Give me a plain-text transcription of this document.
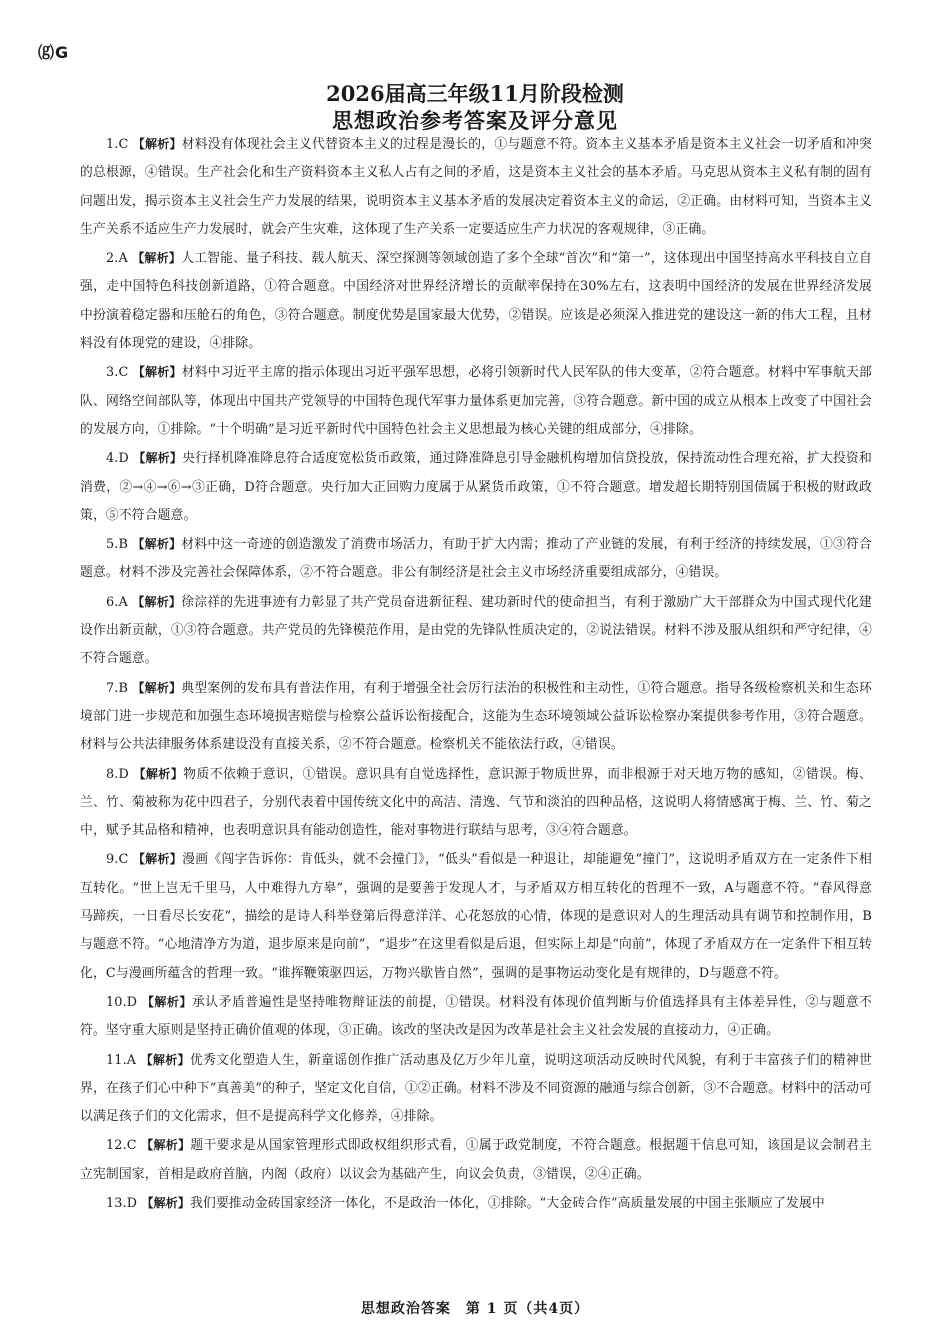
⒢G
2026届高三年级11月阶段检测
思想政治参考答案及评分意见

1.C 【解析】材料没有体现社会主义代替资本主义的过程是漫长的，①与题意不符。资本主义基本矛盾是资本主义社会一切矛盾和冲突的总根源，④错误。生产社会化和生产资料资本主义私人占有之间的矛盾，这是资本主义社会的基本矛盾。马克思从资本主义私有制的固有问题出发，揭示资本主义社会生产力发展的结果，说明资本主义基本矛盾的发展决定着资本主义的命运，②正确。由材料可知，当资本主义生产关系不适应生产力发展时，就会产生灾难，这体现了生产关系一定要适应生产力状况的客观规律，③正确。

2.A 【解析】人工智能、量子科技、载人航天、深空探测等领域创造了多个全球“首次”和“第一”，这体现出中国坚持高水平科技自立自强，走中国特色科技创新道路，①符合题意。中国经济对世界经济增长的贡献率保持在30%左右，这表明中国经济的发展在世界经济发展中扮演着稳定器和压舱石的角色，③符合题意。制度优势是国家最大优势，②错误。应该是必须深入推进党的建设这一新的伟大工程，且材料没有体现党的建设，④排除。

3.C 【解析】材料中习近平主席的指示体现出习近平强军思想，必将引领新时代人民军队的伟大变革，②符合题意。材料中军事航天部队、网络空间部队等，体现出中国共产党领导的中国特色现代军事力量体系更加完善，③符合题意。新中国的成立从根本上改变了中国社会的发展方向，①排除。“十个明确”是习近平新时代中国特色社会主义思想最为核心关键的组成部分，④排除。

4.D 【解析】央行择机降准降息符合适度宽松货币政策，通过降准降息引导金融机构增加信贷投放，保持流动性合理充裕，扩大投资和消费，②→④→⑥→③正确，D符合题意。央行加大正回购力度属于从紧货币政策，①不符合题意。增发超长期特别国债属于积极的财政政策，⑤不符合题意。

5.B 【解析】材料中这一奇迹的创造激发了消费市场活力，有助于扩大内需；推动了产业链的发展，有利于经济的持续发展，①③符合题意。材料不涉及完善社会保障体系，②不符合题意。非公有制经济是社会主义市场经济重要组成部分，④错误。

6.A 【解析】徐淙祥的先进事迹有力彰显了共产党员奋进新征程、建功新时代的使命担当，有利于激励广大干部群众为中国式现代化建设作出新贡献，①③符合题意。共产党员的先锋模范作用，是由党的先锋队性质决定的，②说法错误。材料不涉及服从组织和严守纪律，④不符合题意。

7.B 【解析】典型案例的发布具有普法作用，有利于增强全社会厉行法治的积极性和主动性，①符合题意。指导各级检察机关和生态环境部门进一步规范和加强生态环境损害赔偿与检察公益诉讼衔接配合，这能为生态环境领域公益诉讼检察办案提供参考作用，③符合题意。材料与公共法律服务体系建设没有直接关系，②不符合题意。检察机关不能依法行政，④错误。

8.D 【解析】物质不依赖于意识，①错误。意识具有自觉选择性，意识源于物质世界，而非根源于对天地万物的感知，②错误。梅、兰、竹、菊被称为花中四君子，分别代表着中国传统文化中的高洁、清逸、气节和淡泊的四种品格，这说明人将情感寓于梅、兰、竹、菊之中，赋予其品格和精神，也表明意识具有能动创造性，能对事物进行联结与思考，③④符合题意。

9.C 【解析】漫画《闯字告诉你：肯低头，就不会撞门》，“低头”看似是一种退让，却能避免“撞门”，这说明矛盾双方在一定条件下相互转化。“世上岂无千里马，人中难得九方皋”，强调的是要善于发现人才，与矛盾双方相互转化的哲理不一致，A与题意不符。“春风得意马蹄疾，一日看尽长安花”，描绘的是诗人科举登第后得意洋洋、心花怒放的心情，体现的是意识对人的生理活动具有调节和控制作用，B与题意不符。“心地清净方为道，退步原来是向前”，“退步”在这里看似是后退，但实际上却是“向前”，体现了矛盾双方在一定条件下相互转化，C与漫画所蕴含的哲理一致。“谁挥鞭策驱四运，万物兴歇皆自然”，强调的是事物运动变化是有规律的，D与题意不符。

10.D 【解析】承认矛盾普遍性是坚持唯物辩证法的前提，①错误。材料没有体现价值判断与价值选择具有主体差异性，②与题意不符。坚守重大原则是坚持正确价值观的体现，③正确。该改的坚决改是因为改革是社会主义社会发展的直接动力，④正确。

11.A 【解析】优秀文化塑造人生，新童谣创作推广活动惠及亿万少年儿童，说明这项活动反映时代风貌，有利于丰富孩子们的精神世界，在孩子们心中种下“真善美”的种子，坚定文化自信，①②正确。材料不涉及不同资源的融通与综合创新，③不合题意。材料中的活动可以满足孩子们的文化需求，但不是提高科学文化修养，④排除。

12.C 【解析】题干要求是从国家管理形式即政权组织形式看，①属于政党制度，不符合题意。根据题干信息可知，该国是议会制君主立宪制国家，首相是政府首脑，内阁（政府）以议会为基础产生，向议会负责，③错误，②④正确。

13.D 【解析】我们要推动金砖国家经济一体化，不是政治一体化，①排除。“大金砖合作”高质量发展的中国主张顺应了发展中

思想政治答案　第 1 页（共4页）
